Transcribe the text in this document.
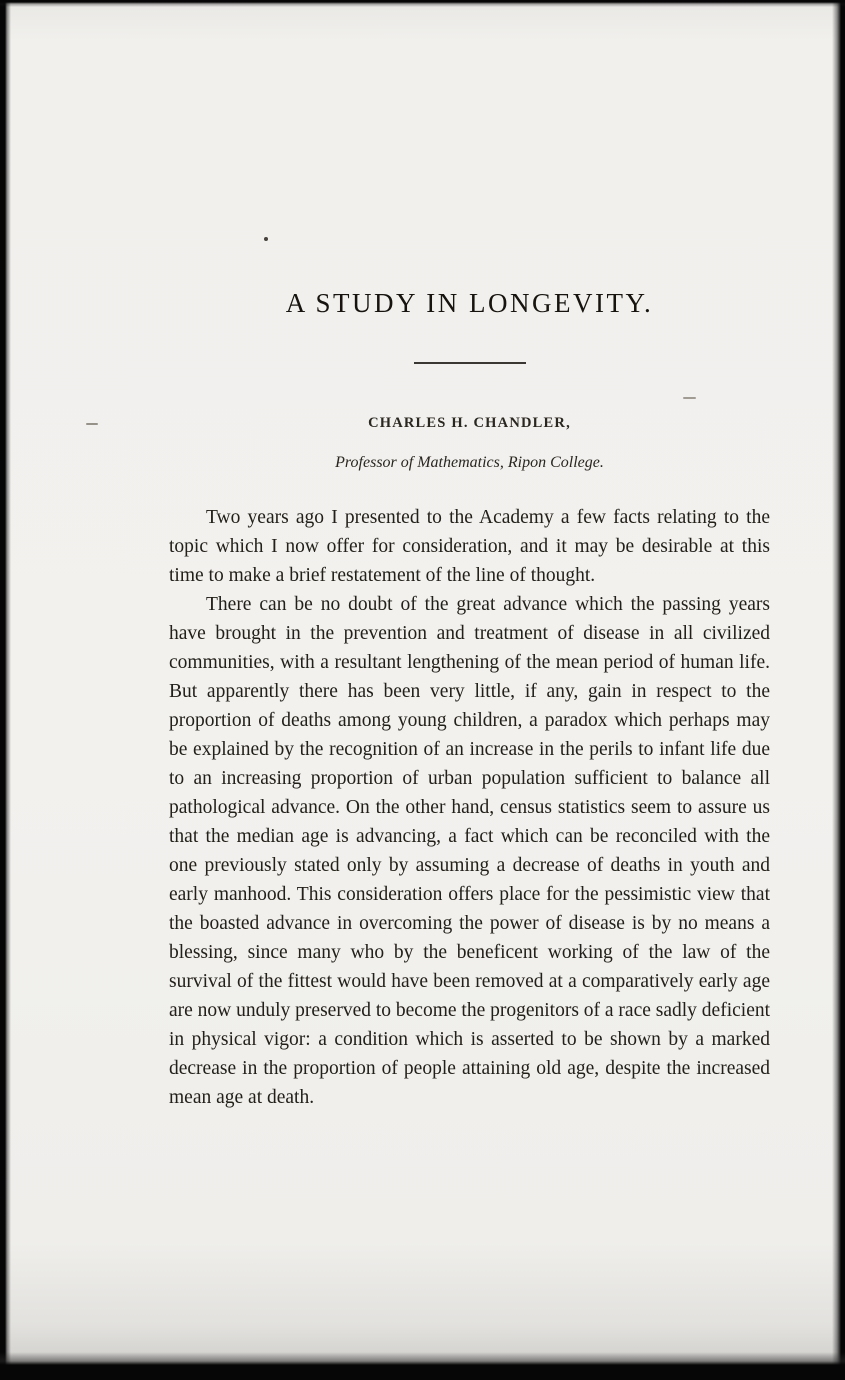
A STUDY IN LONGEVITY.
CHARLES H. CHANDLER,
Professor of Mathematics, Ripon College.

Two years ago I presented to the Academy a few facts relating to the topic which I now offer for consideration, and it may be desirable at this time to make a brief restatement of the line of thought.

There can be no doubt of the great advance which the passing years have brought in the prevention and treatment of disease in all civilized communities, with a resultant lengthening of the mean period of human life. But apparently there has been very little, if any, gain in respect to the proportion of deaths among young children, a paradox which perhaps may be explained by the recognition of an increase in the perils to infant life due to an increasing proportion of urban population sufficient to balance all pathological advance. On the other hand, census statistics seem to assure us that the median age is advancing, a fact which can be reconciled with the one previously stated only by assuming a decrease of deaths in youth and early manhood. This consideration offers place for the pessimistic view that the boasted advance in overcoming the power of disease is by no means a blessing, since many who by the beneficent working of the law of the survival of the fittest would have been removed at a comparatively early age are now unduly preserved to become the progenitors of a race sadly deficient in physical vigor: a condition which is asserted to be shown by a marked decrease in the proportion of people attaining old age, despite the increased mean age at death.
